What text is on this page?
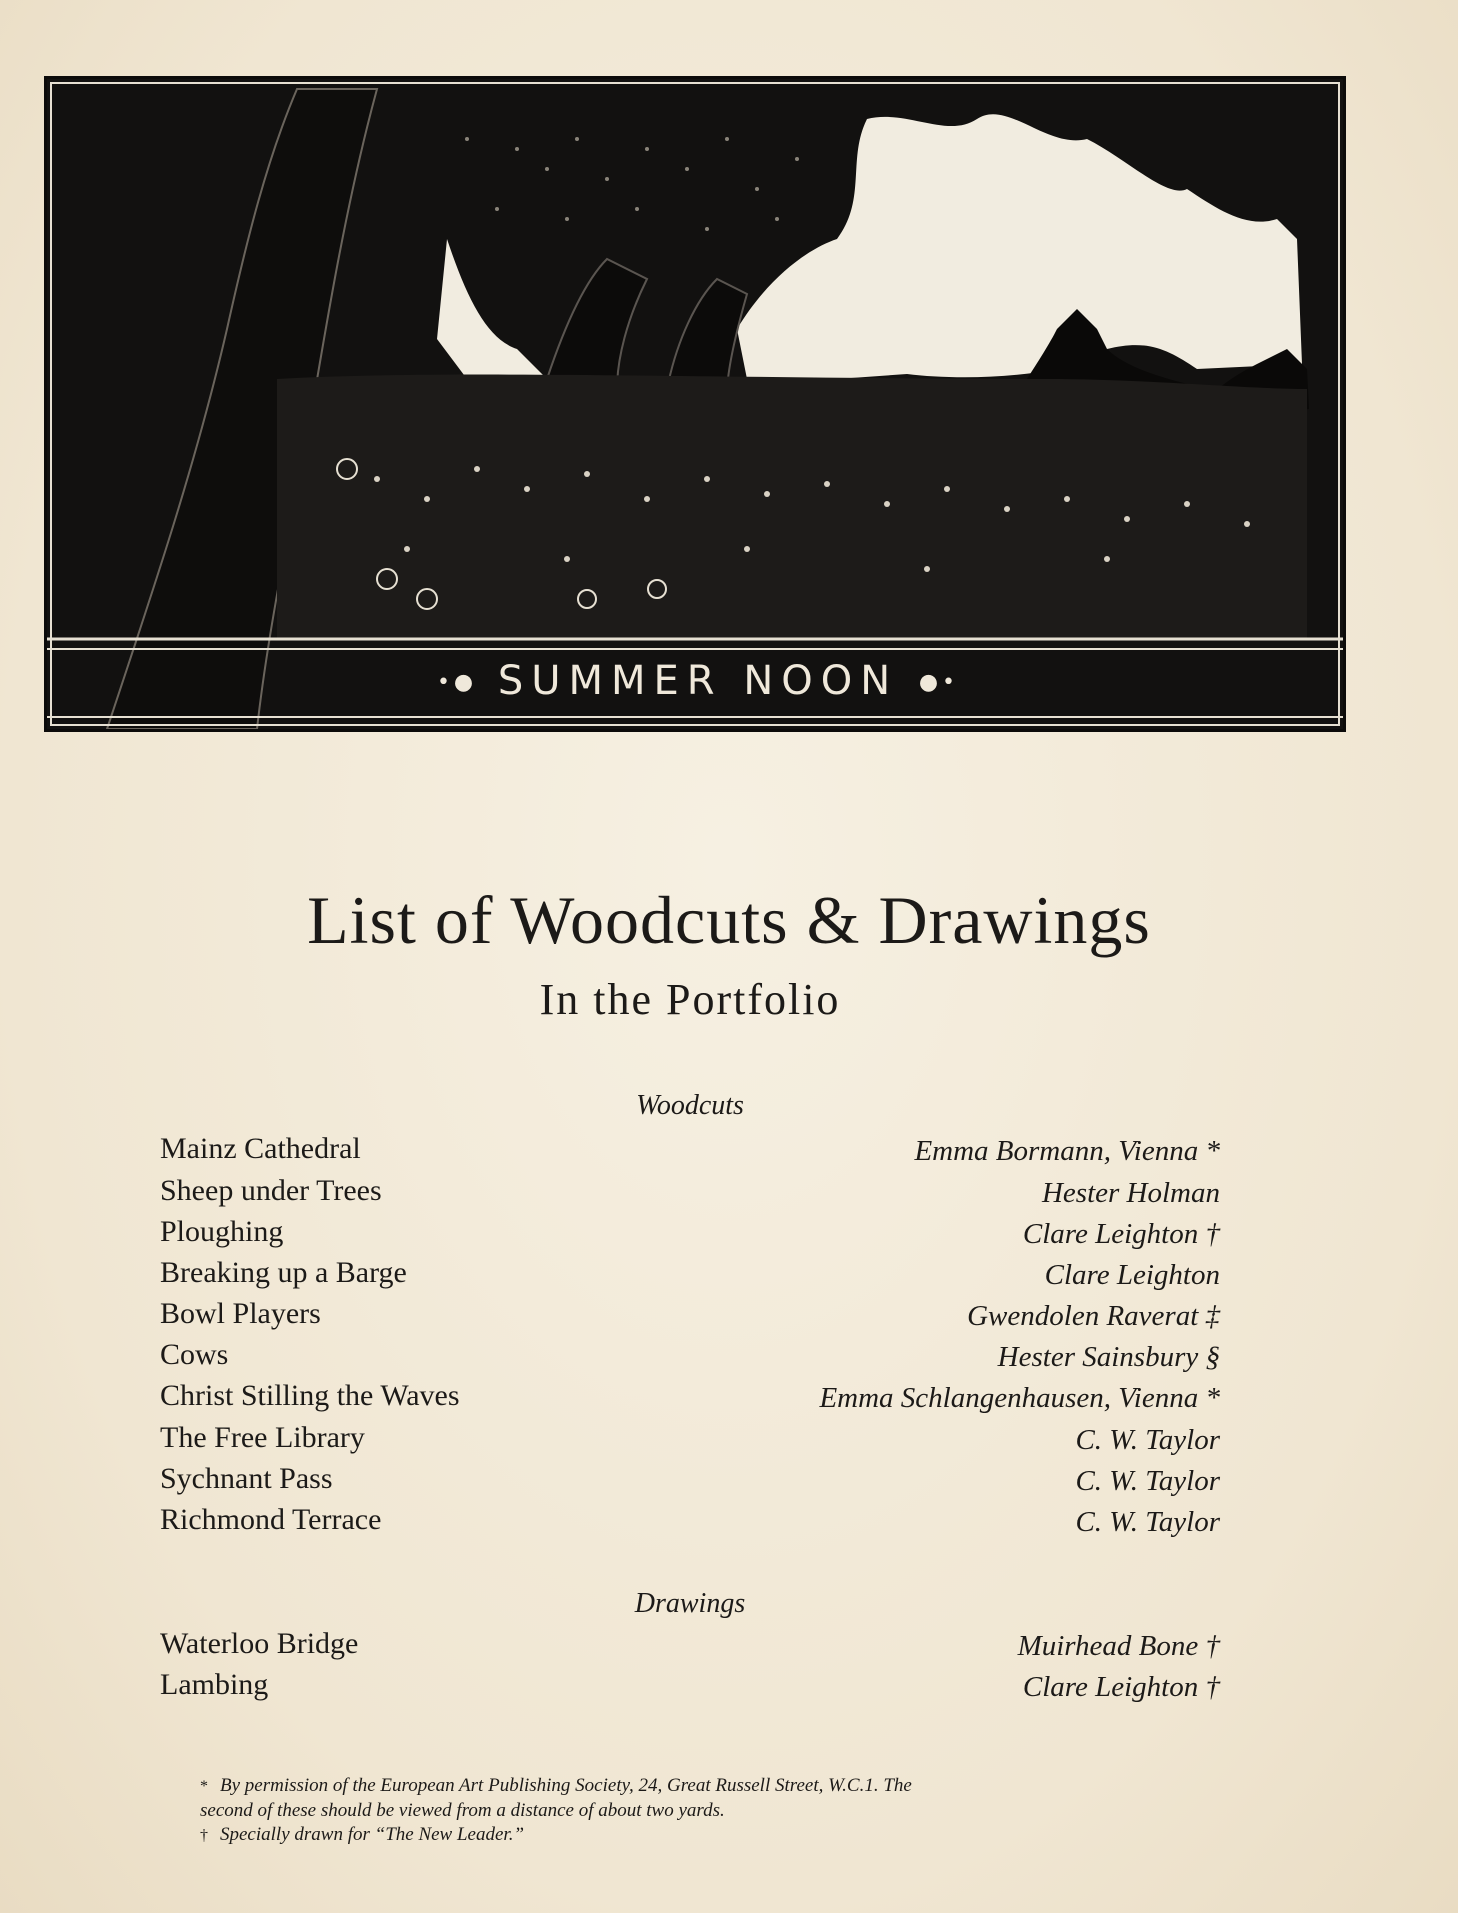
•● SUMMER NOON ●•
List of Woodcuts & Drawings
In the Portfolio
Woodcuts
Mainz Cathedral	Emma Bormann, Vienna *
Sheep under Trees	Hester Holman
Ploughing	Clare Leighton †
Breaking up a Barge	Clare Leighton
Bowl Players	Gwendolen Raverat ‡
Cows	Hester Sainsbury §
Christ Stilling the Waves	Emma Schlangenhausen, Vienna *
The Free Library	C. W. Taylor
Sychnant Pass	C. W. Taylor
Richmond Terrace	C. W. Taylor
Drawings
Waterloo Bridge	Muirhead Bone †
Lambing	Clare Leighton †
* By permission of the European Art Publishing Society, 24, Great Russell Street, W.C.1. The
second of these should be viewed from a distance of about two yards.
† Specially drawn for “The New Leader.”
